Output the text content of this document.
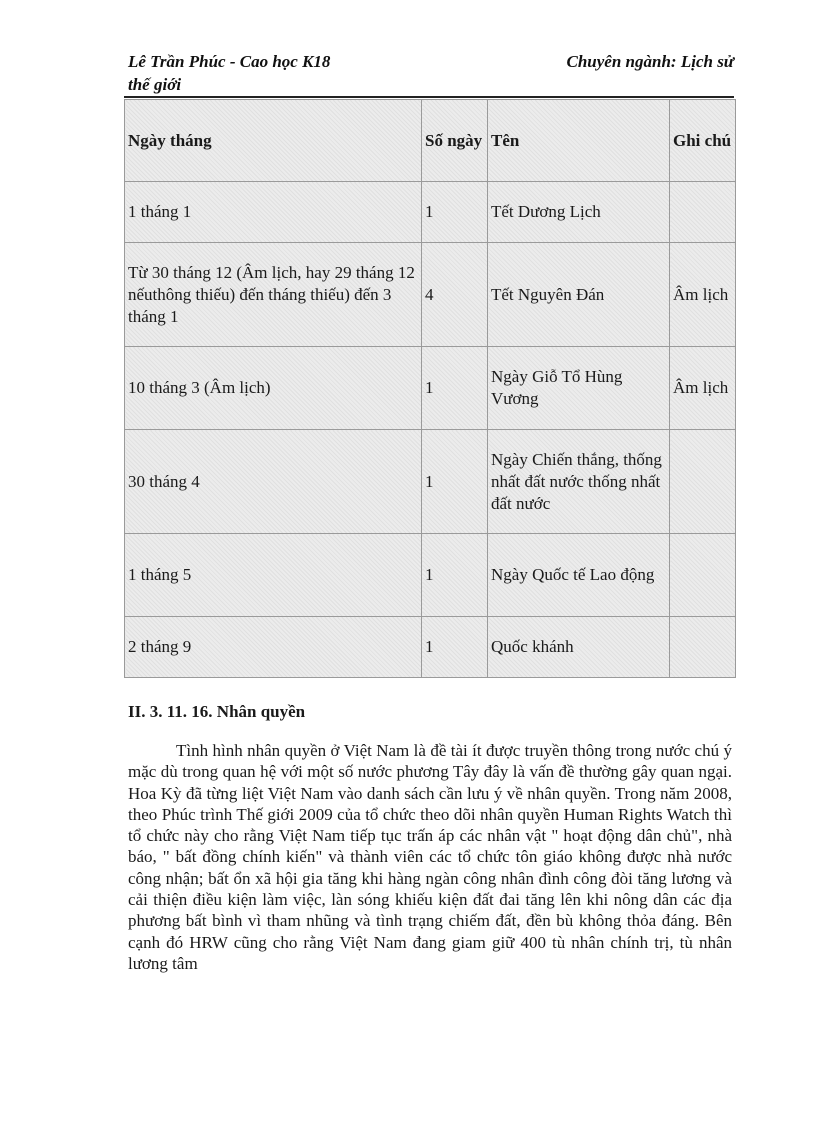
Lê Trần Phúc - Cao học K18	Chuyên ngành: Lịch sử
thế giới
Ngày tháng	Số ngày	Tên	Ghi chú
1 tháng 1	1	Tết Dương Lịch	
Từ 30 tháng 12 (Âm lịch, hay 29 tháng 12 nếuthông thiếu) đến tháng thiếu) đến 3 tháng 1	4	Tết Nguyên Đán	Âm lịch
10 tháng 3 (Âm lịch)	1	Ngày Giỗ Tổ Hùng Vương	Âm lịch
30 tháng 4	1	Ngày Chiến thắng, thống nhất đất nước thống nhất đất nước	
1 tháng 5	1	Ngày Quốc tế Lao động	
2 tháng 9	1	Quốc khánh	
II. 3. 11. 16. Nhân quyền

Tình hình nhân quyền ở Việt Nam là đề tài ít được truyền thông trong nước chú ý mặc dù trong quan hệ với một số nước phương Tây đây là vấn đề thường gây quan ngại. Hoa Kỳ đã từng liệt Việt Nam vào danh sách cần lưu ý về nhân quyền. Trong năm 2008, theo Phúc trình Thế giới 2009 của tổ chức theo dõi nhân quyền Human Rights Watch thì tổ chức này cho rằng Việt Nam tiếp tục trấn áp các nhân vật " hoạt động dân chủ", nhà báo, " bất đồng chính kiến" và thành viên các tổ chức tôn giáo không được nhà nước công nhận; bất ổn xã hội gia tăng khi hàng ngàn công nhân đình công đòi tăng lương và cải thiện điều kiện làm việc, làn sóng khiếu kiện đất đai tăng lên khi nông dân các địa phương bất bình vì tham nhũng và tình trạng chiếm đất, đền bù không thỏa đáng. Bên cạnh đó HRW cũng cho rằng Việt Nam đang giam giữ 400 tù nhân chính trị, tù nhân lương tâm
